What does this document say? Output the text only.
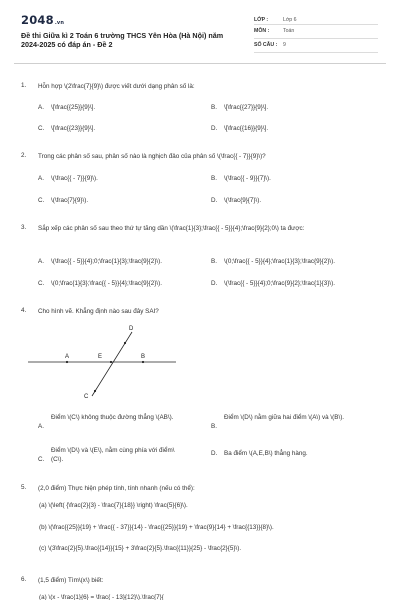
2048.vn
Đề thi Giữa kì 2 Toán 6 trường THCS Yên Hòa (Hà Nội) năm 2024-2025 có đáp án - Đề 2
LỚP :	Lớp 6
MÔN :	Toán
SỐ CÂU : 9
1. Hỗn hợp \(2\frac{7}{9}\) được viết dưới dạng phân số là:
A. \[\frac{{25}}{9}\].	B. \[\frac{{27}}{9}\].
C. \[\frac{{23}}{9}\].	D. \[\frac{{16}}{9}\].
2. Trong các phân số sau, phân số nào là nghịch đảo của phân số \(\frac{{ - 7}}{9}\)?
A. \(\frac{{ - 7}}{9}\).	B. \(\frac{{ - 9}}{7}\).
C. \(\frac{7}{9}\).	D. \(\frac{9}{7}\).
3. Sắp xếp các phân số sau theo thứ tự tăng dần \(\frac{1}{3};\frac{{ - 5}}{4};\frac{9}{2};0\) ta được:
A. \(\frac{{ - 5}}{4};0;\frac{1}{3};\frac{9}{2}\).	B. \(0;\frac{{ - 5}}{4};\frac{1}{3};\frac{9}{2}\).
C. \(0;\frac{1}{3};\frac{{ - 5}}{4};\frac{9}{2}\).	D. \(\frac{{ - 5}}{4};0;\frac{9}{2};\frac{1}{3}\).
4. Cho hình vẽ. Khẳng định nào sau đây SAI?
A	E	B
C
D
A.
Điểm \(C\) không thuộc đường thẳng \(AB\).
B.
Điểm \(D\) nằm giữa hai điểm \(A\) và \(B\).
C.
Điểm \(D\) và \(E\), nằm cùng phía với điểm\(C\).
D. Ba điểm \(A,E,B\) thẳng hàng.
5. (2,0 điểm) Thực hiện phép tính, tính nhanh (nếu có thể):
(a) \(\left( {\frac{2}{3} - \frac{7}{18}} \right) \frac{5}{6}\).
(b) \(\frac{{25}}{19} + \frac{{ - 37}}{14} - \frac{{25}}{19} + \frac{9}{14} + \frac{{13}}{8}\).
(c) \(3\frac{2}{5}.\frac{{14}}{15} + 3\frac{2}{5}.\frac{{11}}{25} - \frac{2}{5}\).
6. (1,5 điểm) Tìm\(x\) biết:
(a) \(x - \frac{1}{6} = \frac{ - 13}{12}\).\frac{7}{
